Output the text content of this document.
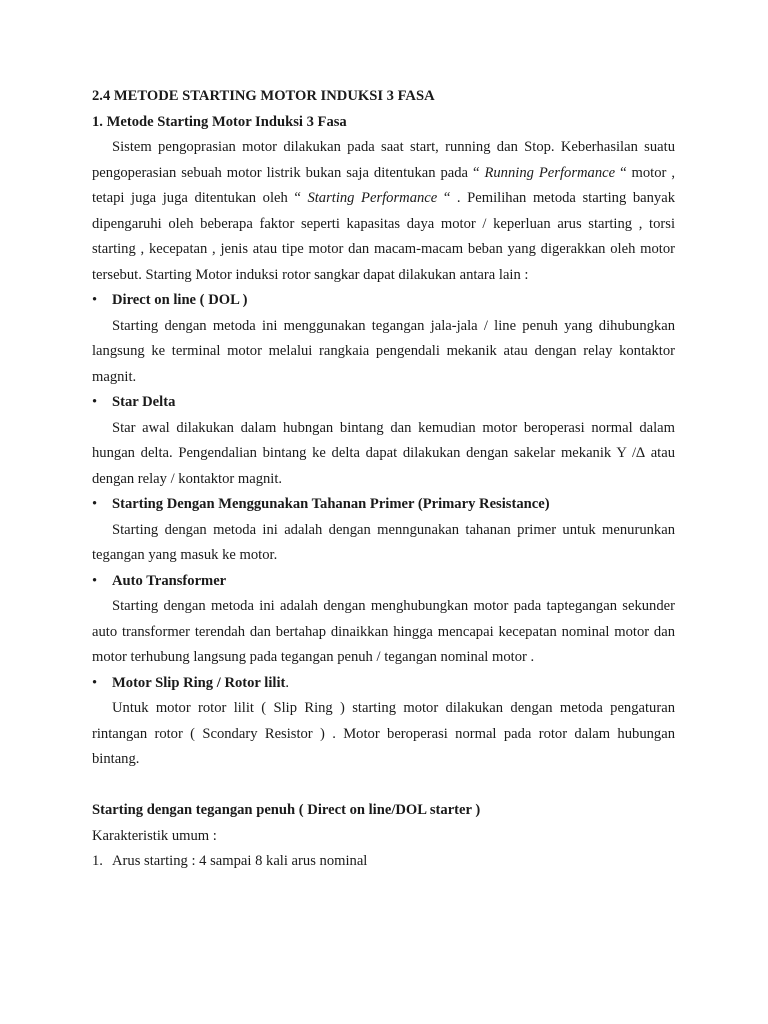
2.4 METODE STARTING MOTOR INDUKSI 3 FASA

1. Metode Starting Motor Induksi 3 Fasa

Sistem pengoprasian motor dilakukan pada saat start, running dan Stop. Keberhasilan suatu pengoperasian sebuah motor listrik bukan saja ditentukan pada “ Running Performance “ motor , tetapi juga juga ditentukan oleh “ Starting Performance “ . Pemilihan metoda starting banyak dipengaruhi oleh beberapa faktor seperti kapasitas daya motor / keperluan arus starting , torsi starting , kecepatan , jenis atau tipe motor dan macam-macam beban yang digerakkan oleh motor tersebut. Starting Motor induksi rotor sangkar dapat dilakukan antara lain :

• Direct on line ( DOL )

Starting dengan metoda ini menggunakan tegangan jala-jala / line penuh yang dihubungkan langsung ke terminal motor melalui rangkaia pengendali mekanik atau dengan relay kontaktor magnit.

• Star Delta

Star awal dilakukan dalam hubngan bintang dan kemudian motor beroperasi normal dalam hungan delta. Pengendalian bintang ke delta dapat dilakukan dengan sakelar mekanik Y /∆ atau dengan relay / kontaktor magnit.

• Starting Dengan Menggunakan Tahanan Primer (Primary Resistance)

Starting dengan metoda ini adalah dengan menngunakan tahanan primer untuk menurunkan tegangan yang masuk ke motor.

• Auto Transformer

Starting dengan metoda ini adalah dengan menghubungkan motor pada taptegangan sekunder auto transformer terendah dan bertahap dinaikkan hingga mencapai kecepatan nominal motor dan motor terhubung langsung pada tegangan penuh / tegangan nominal motor .

• Motor Slip Ring / Rotor lilit.

Untuk motor rotor lilit ( Slip Ring ) starting motor dilakukan dengan metoda pengaturan rintangan rotor ( Scondary Resistor ) . Motor beroperasi normal pada rotor dalam hubungan bintang.

Starting dengan tegangan penuh ( Direct on line/DOL starter )

Karakteristik umum :

1. Arus starting : 4 sampai 8 kali arus nominal
